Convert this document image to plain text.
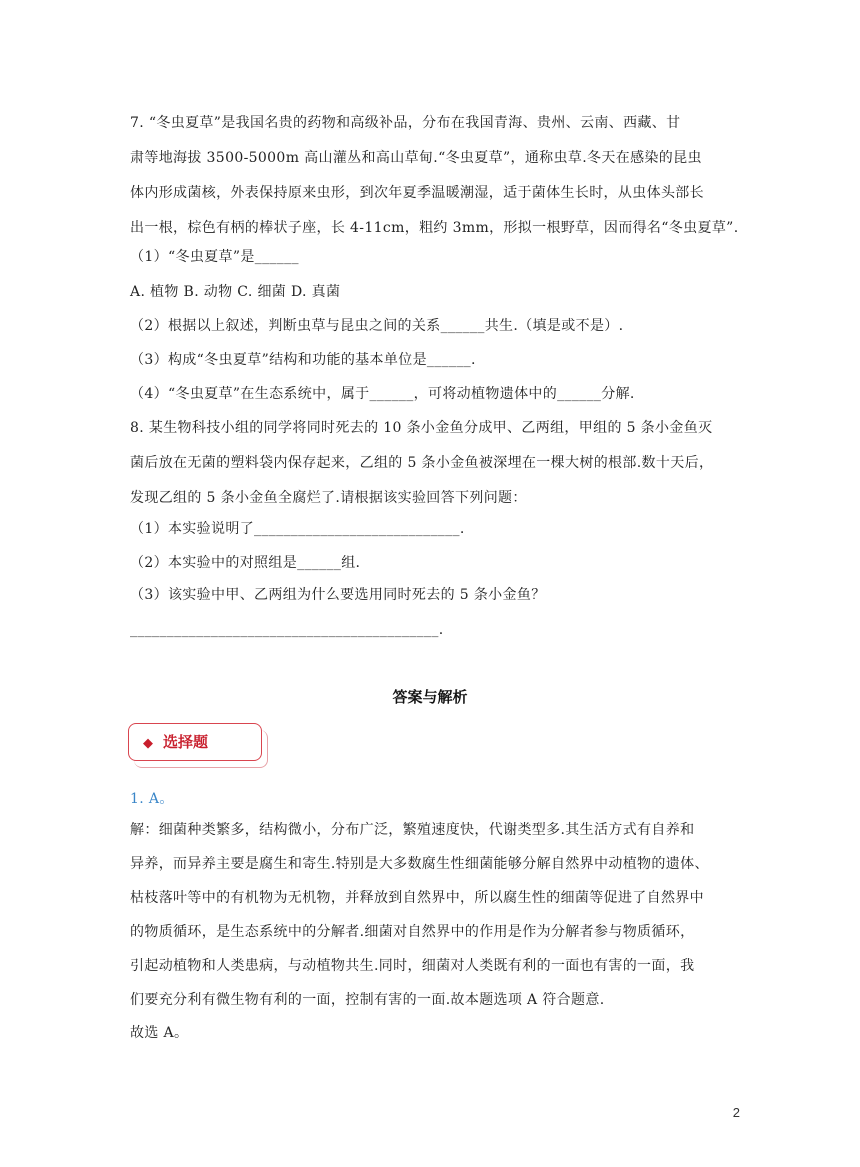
7. “冬虫夏草”是我国名贵的药物和高级补品，分布在我国青海、贵州、云南、西藏、甘
肃等地海拔 3500-5000m 高山灌丛和高山草甸.“冬虫夏草”，通称虫草.冬天在感染的昆虫
体内形成菌核，外表保持原来虫形，到次年夏季温暖潮湿，适于菌体生长时，从虫体头部长
出一根，棕色有柄的棒状子座，长 4-11cm，粗约 3mm，形拟一根野草，因而得名“冬虫夏草”.
（1）“冬虫夏草”是______
A. 植物 B. 动物 C. 细菌 D. 真菌
（2）根据以上叙述，判断虫草与昆虫之间的关系______共生.（填是或不是）.
（3）构成“冬虫夏草”结构和功能的基本单位是______.
（4）“冬虫夏草”在生态系统中，属于______，可将动植物遗体中的______分解.
8. 某生物科技小组的同学将同时死去的 10 条小金鱼分成甲、乙两组，甲组的 5 条小金鱼灭
菌后放在无菌的塑料袋内保存起来，乙组的 5 条小金鱼被深埋在一棵大树的根部.数十天后，
发现乙组的 5 条小金鱼全腐烂了.请根据该实验回答下列问题：
（1）本实验说明了____________________________.
（2）本实验中的对照组是______组.
（3）该实验中甲、乙两组为什么要选用同时死去的 5 条小金鱼？
__________________________________________.
答案与解析
◆ 选择题
1. A。
解：细菌种类繁多，结构微小，分布广泛，繁殖速度快，代谢类型多.其生活方式有自养和
异养，而异养主要是腐生和寄生.特别是大多数腐生性细菌能够分解自然界中动植物的遗体、
枯枝落叶等中的有机物为无机物，并释放到自然界中，所以腐生性的细菌等促进了自然界中
的物质循环，是生态系统中的分解者.细菌对自然界中的作用是作为分解者参与物质循环，
引起动植物和人类患病，与动植物共生.同时，细菌对人类既有利的一面也有害的一面，我
们要充分利有微生物有利的一面，控制有害的一面.故本题选项 A 符合题意.
故选 A。
2
